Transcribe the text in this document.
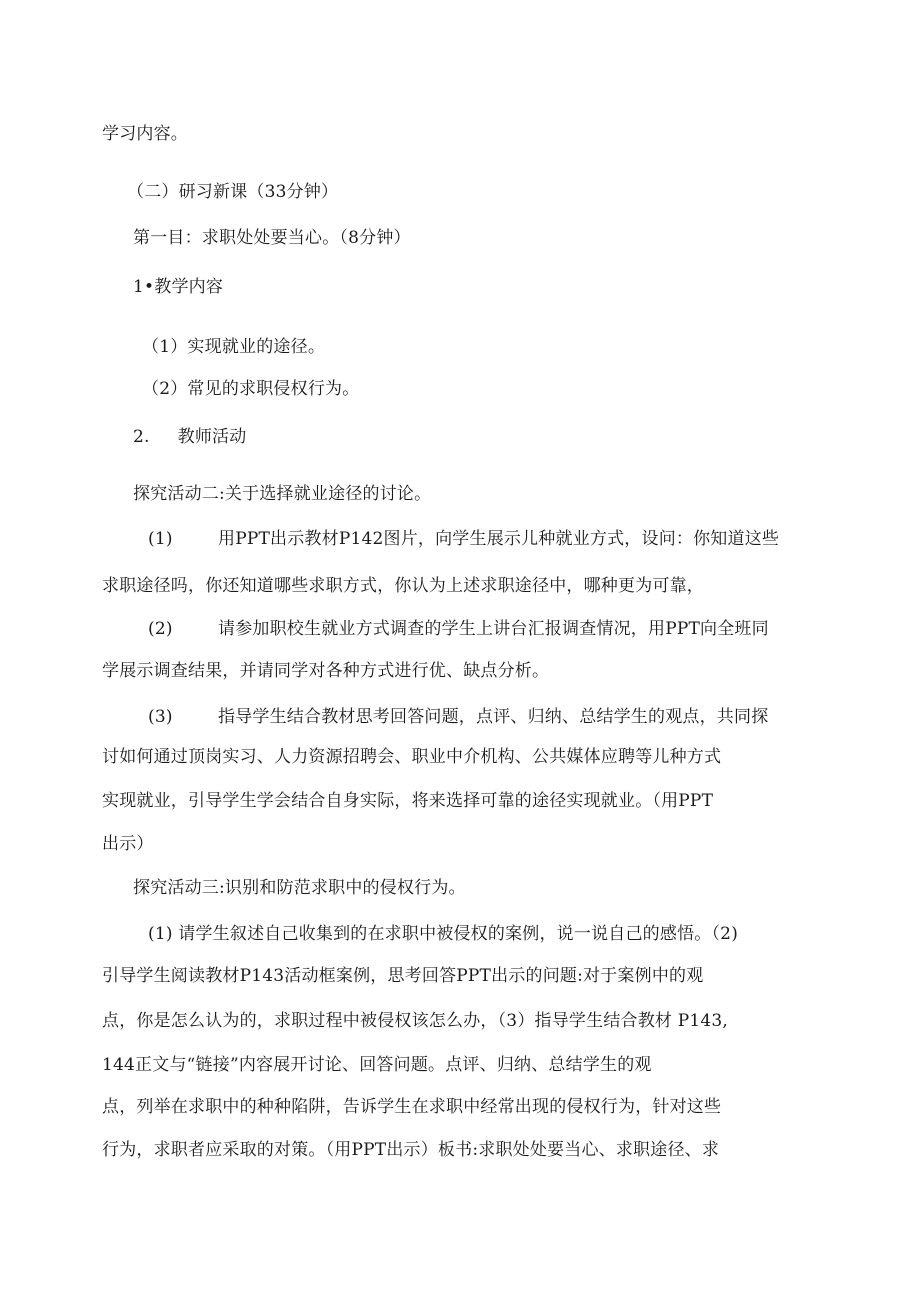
学习内容。
（二）研习新课（33分钟）
第一目：求职处处要当心。（8分钟）
1•教学内容
（1）实现就业的途径。
（2）常见的求职侵权行为。
2. 教师活动
探究活动二:关于选择就业途径的讨论。
(1)	用PPT出示教材P142图片，向学生展示儿种就业方式，设问：你知道这些
求职途径吗，你还知道哪些求职方式，你认为上述求职途径中，哪种更为可靠，
(2)	请参加职校生就业方式调查的学生上讲台汇报调查情况，用PPT向全班同
学展示调查结果，并请同学对各种方式进行优、缺点分析。
(3)	指导学生结合教材思考回答问题，点评、归纳、总结学生的观点，共同探
讨如何通过顶岗实习、人力资源招聘会、职业中介机构、公共媒体应聘等儿种方式
实现就业，引导学生学会结合自身实际，将来选择可靠的途径实现就业。（用PPT
出示）
探究活动三:识别和防范求职中的侵权行为。
(1) 请学生叙述自己收集到的在求职中被侵权的案例，说一说自己的感悟。（2)
引导学生阅读教材P143活动框案例，思考回答PPT出示的问题:对于案例中的观
点，你是怎么认为的，求职过程中被侵权该怎么办，（3）指导学生结合教材 P143,
144正文与“链接”内容展开讨论、回答问题。点评、归纳、总结学生的观
点，列举在求职中的种种陷阱，告诉学生在求职中经常出现的侵权行为，针对这些
行为，求职者应采取的对策。（用PPT出示）板书:求职处处要当心、求职途径、求
